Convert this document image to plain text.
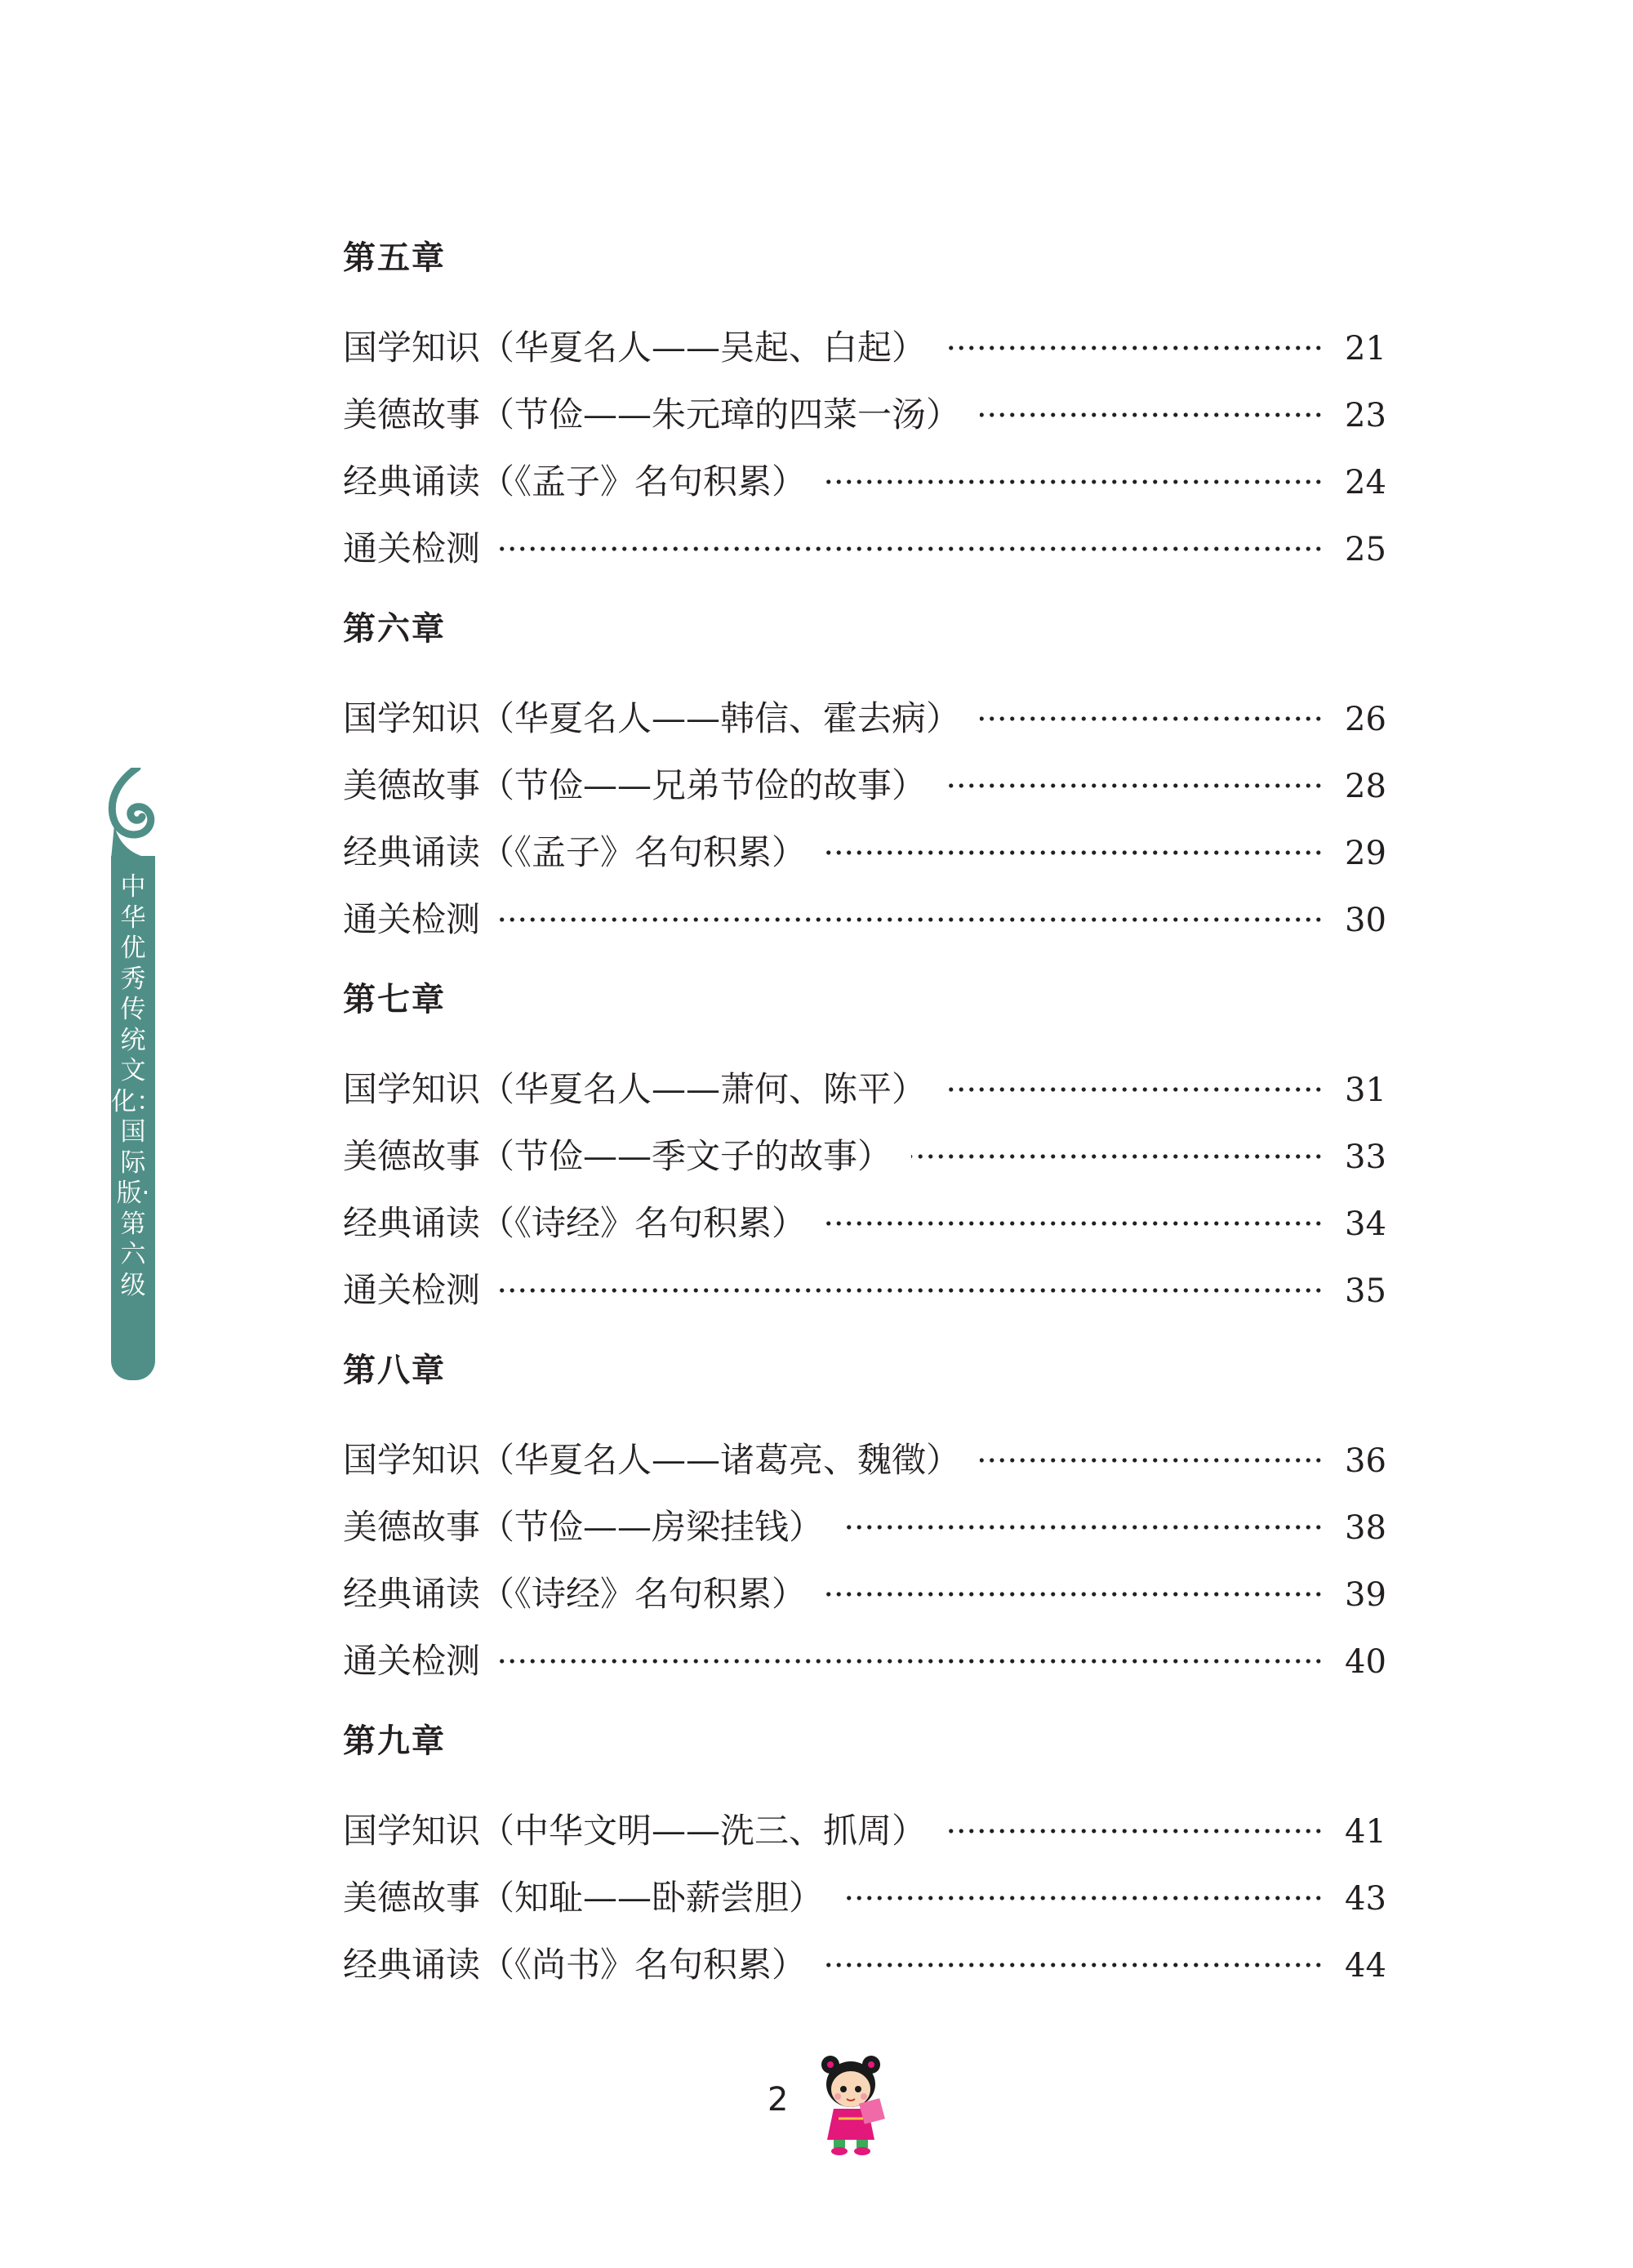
中华优秀传统文化：国际版·第六级
第五章
国学知识（华夏名人——吴起、白起）	21
美德故事（节俭——朱元璋的四菜一汤）	23
经典诵读（《孟子》名句积累）	24
通关检测	25
第六章
国学知识（华夏名人——韩信、霍去病）	26
美德故事（节俭——兄弟节俭的故事）	28
经典诵读（《孟子》名句积累）	29
通关检测	30
第七章
国学知识（华夏名人——萧何、陈平）	31
美德故事（节俭——季文子的故事）	33
经典诵读（《诗经》名句积累）	34
通关检测	35
第八章
国学知识（华夏名人——诸葛亮、魏徵）	36
美德故事（节俭——房梁挂钱）	38
经典诵读（《诗经》名句积累）	39
通关检测	40
第九章
国学知识（中华文明——洗三、抓周）	41
美德故事（知耻——卧薪尝胆）	43
经典诵读（《尚书》名句积累）	44
2
